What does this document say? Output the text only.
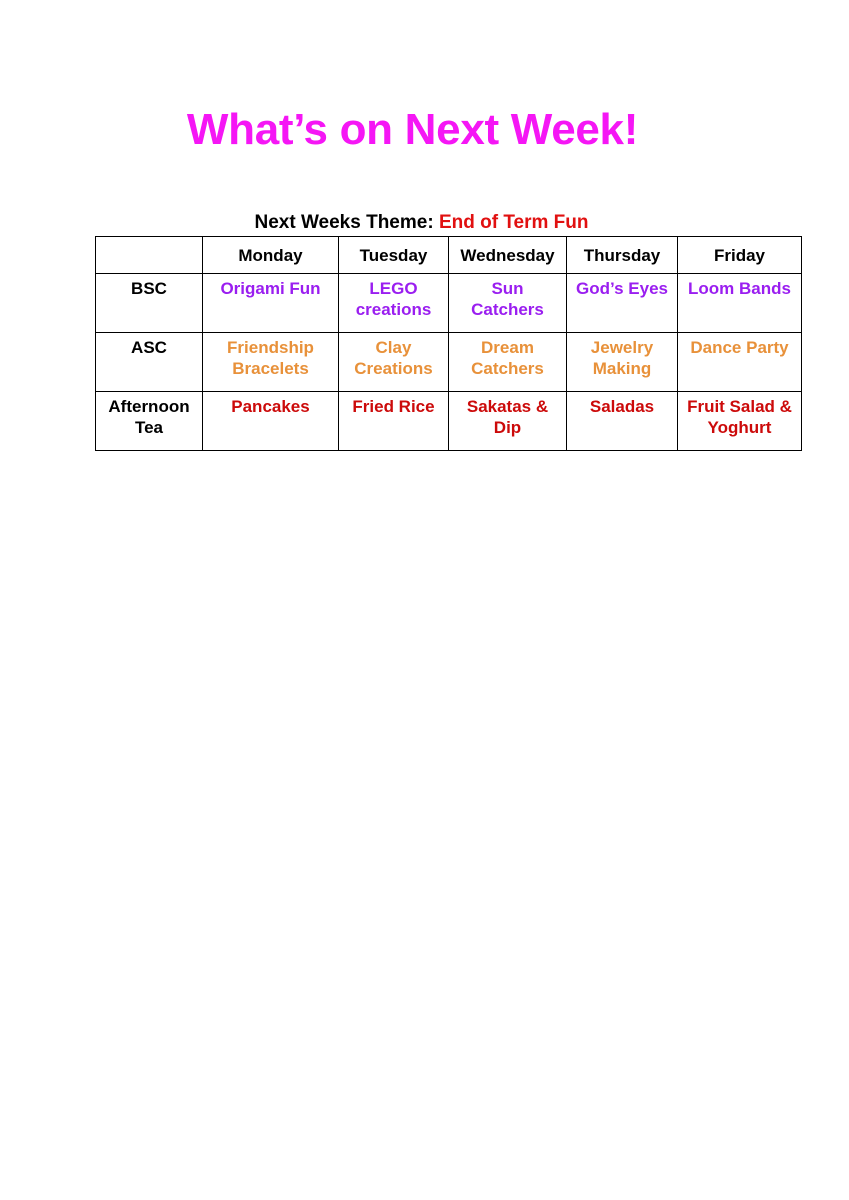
What’s on Next Week!
Next Weeks Theme: End of Term Fun
	Monday	Tuesday	Wednesday	Thursday	Friday
BSC	Origami Fun	LEGO creations	Sun Catchers	God’s Eyes	Loom Bands
ASC	Friendship Bracelets	Clay Creations	Dream Catchers	Jewelry Making	Dance Party
Afternoon Tea	Pancakes	Fried Rice	Sakatas & Dip	Saladas	Fruit Salad & Yoghurt
